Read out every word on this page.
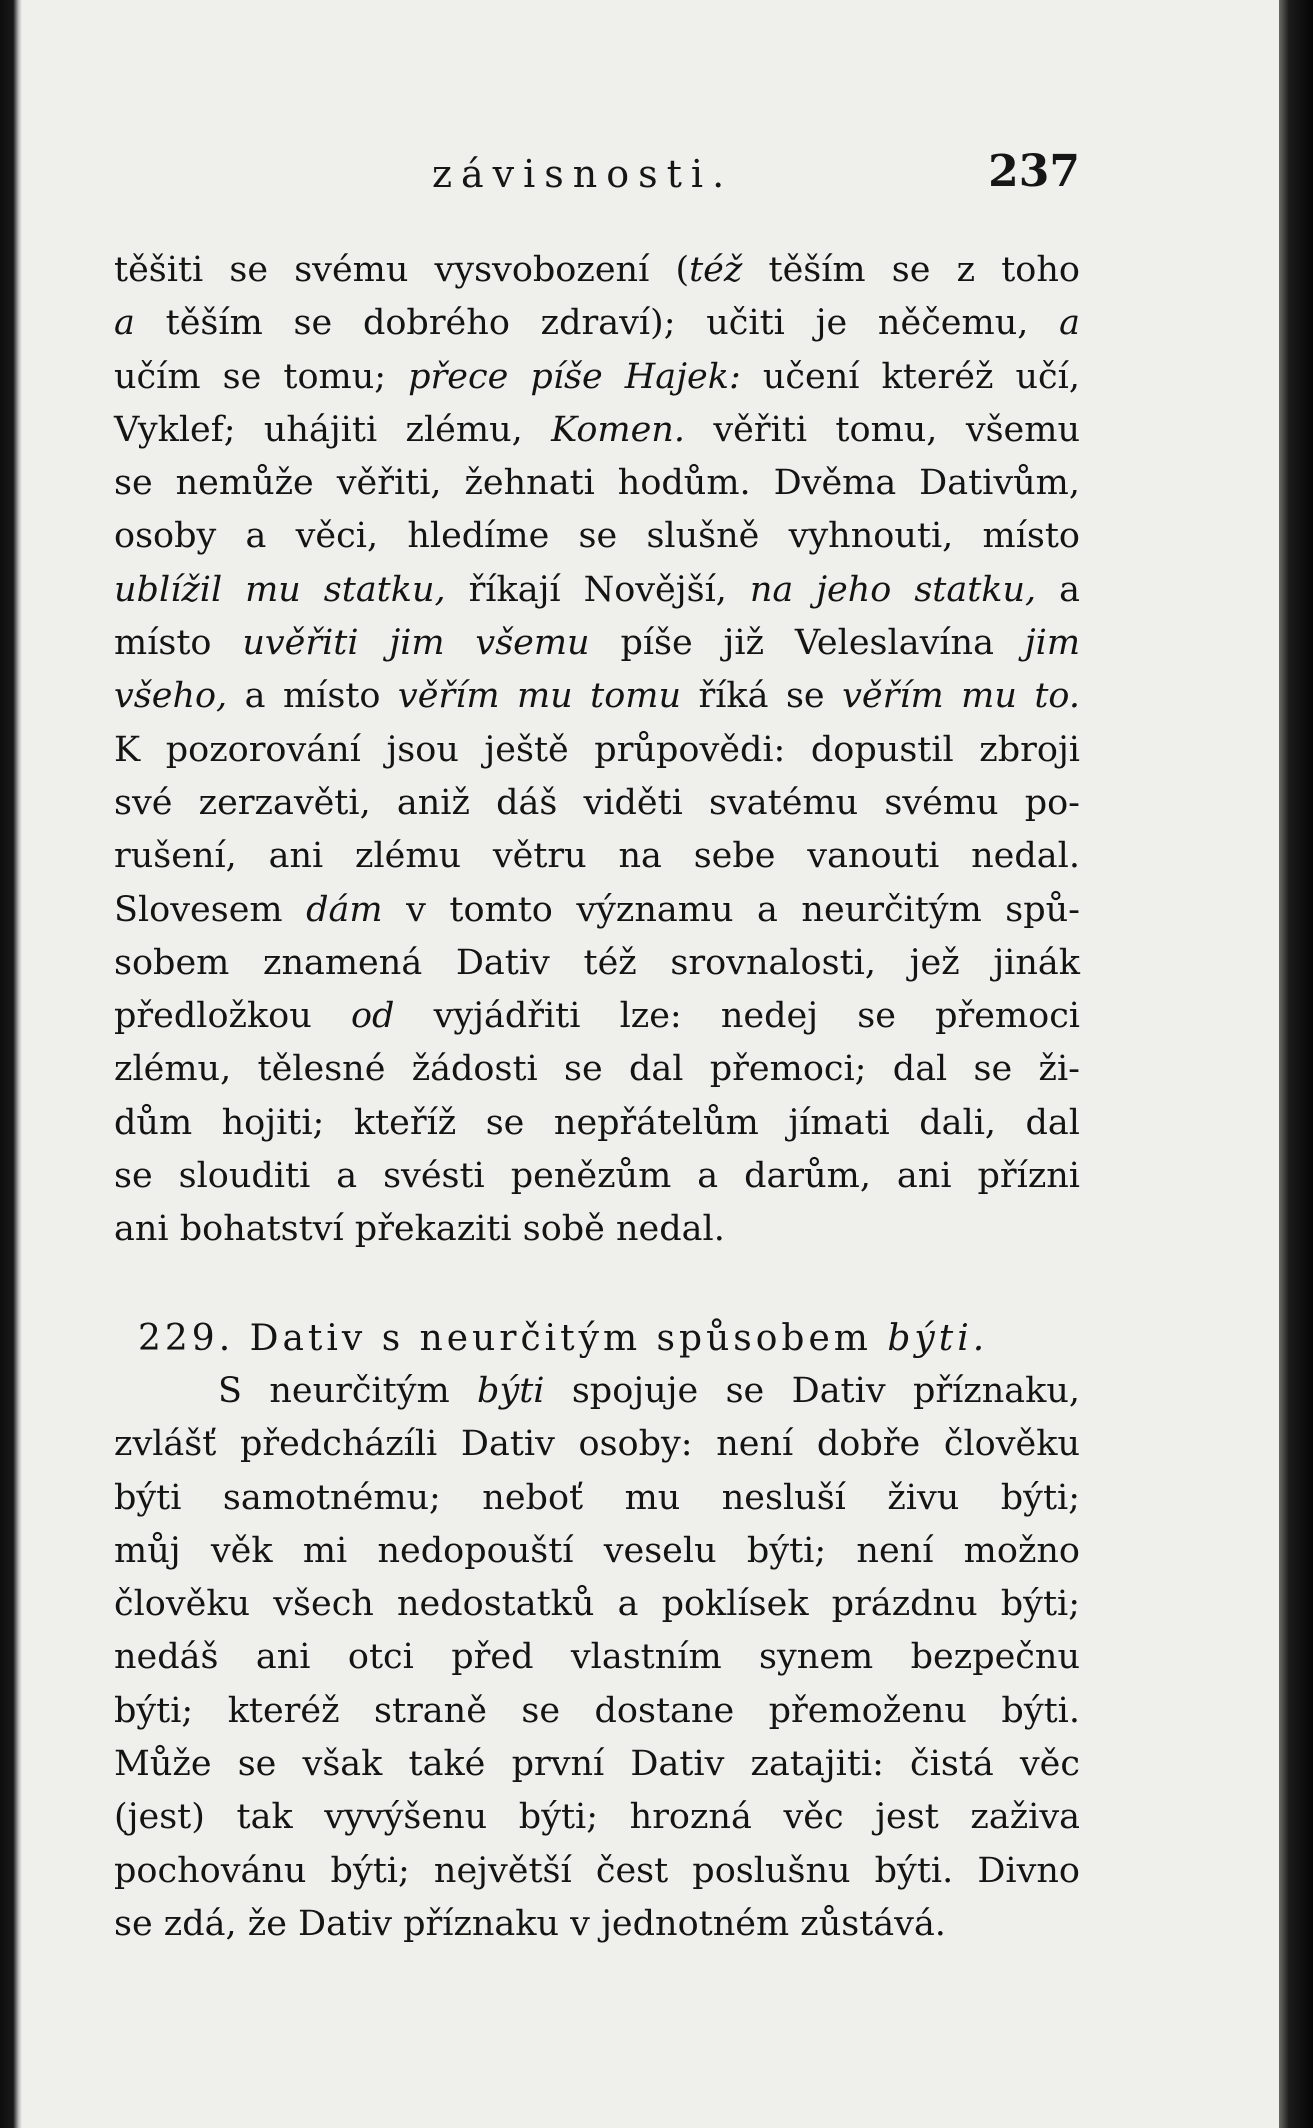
závisnosti.	237
těšiti se svému vysvobození (též těším se z toho
a těším se dobrého zdraví); učiti je něčemu, a
učím se tomu; přece píše Hajek: učení kteréž učí,
Vyklef; uhájiti zlému, Komen. věřiti tomu, všemu
se nemůže věřiti, žehnati hodům. Dvěma Dativům,
osoby a věci, hledíme se slušně vyhnouti, místo
ublížil mu statku, říkají Novější, na jeho statku, a
místo uvěřiti jim všemu píše již Veleslavína jim
všeho, a místo věřím mu tomu říká se věřím mu to.
K pozorování jsou ještě průpovědi: dopustil zbroji
své zerzavěti, aniž dáš viděti svatému svému po-
rušení, ani zlému větru na sebe vanouti nedal.
Slovesem dám v tomto významu a neurčitým spů-
sobem znamená Dativ též srovnalosti, jež jinák
předložkou od vyjádřiti lze: nedej se přemoci
zlému, tělesné žádosti se dal přemoci; dal se ži-
dům hojiti; kteříž se nepřátelům jímati dali, dal
se slouditi a svésti penězům a darům, ani přízni
ani bohatství překaziti sobě nedal.
229. Dativ s neurčitým spůsobem býti.
S neurčitým býti spojuje se Dativ příznaku,
zvlášť předcházíli Dativ osoby: není dobře člověku
býti samotnému; neboť mu nesluší živu býti;
můj věk mi nedopouští veselu býti; není možno
člověku všech nedostatků a poklísek prázdnu býti;
nedáš ani otci před vlastním synem bezpečnu
býti; kteréž straně se dostane přemoženu býti.
Může se však také první Dativ zatajiti: čistá věc
(jest) tak vyvýšenu býti; hrozná věc jest zaživa
pochovánu býti; největší čest poslušnu býti. Divno
se zdá, že Dativ příznaku v jednotném zůstává.
